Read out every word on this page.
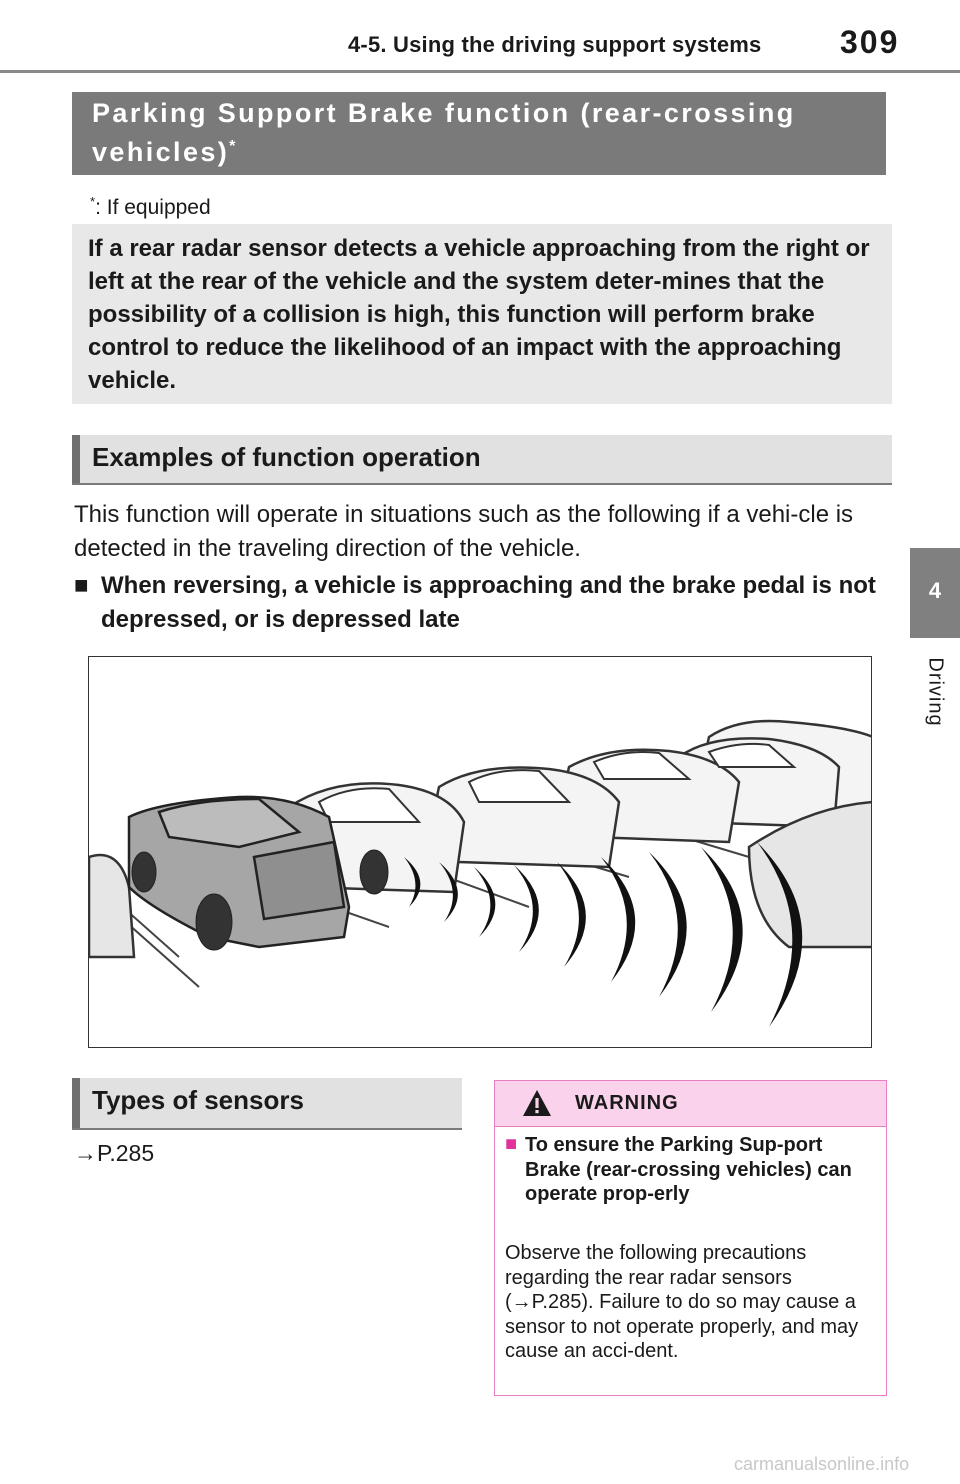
4-5. Using the driving support systems 309
4
Driving
Parking Support Brake function (rear-crossing vehicles)*
*: If equipped
If a rear radar sensor detects a vehicle approaching from the right or left at the rear of the vehicle and the system deter-mines that the possibility of a collision is high, this function will perform brake control to reduce the likelihood of an impact with the approaching vehicle.
Examples of function operation
This function will operate in situations such as the following if a vehi-cle is detected in the traveling direction of the vehicle.
■ When reversing, a vehicle is approaching and the brake pedal is not depressed, or is depressed late
Types of sensors
→P.285
WARNING
■ To ensure the Parking Sup-port Brake (rear-crossing vehicles) can operate prop-erly
Observe the following precautions regarding the rear radar sensors (→P.285). Failure to do so may cause a sensor to not operate properly, and may cause an acci-dent.
carmanualsonline.info
